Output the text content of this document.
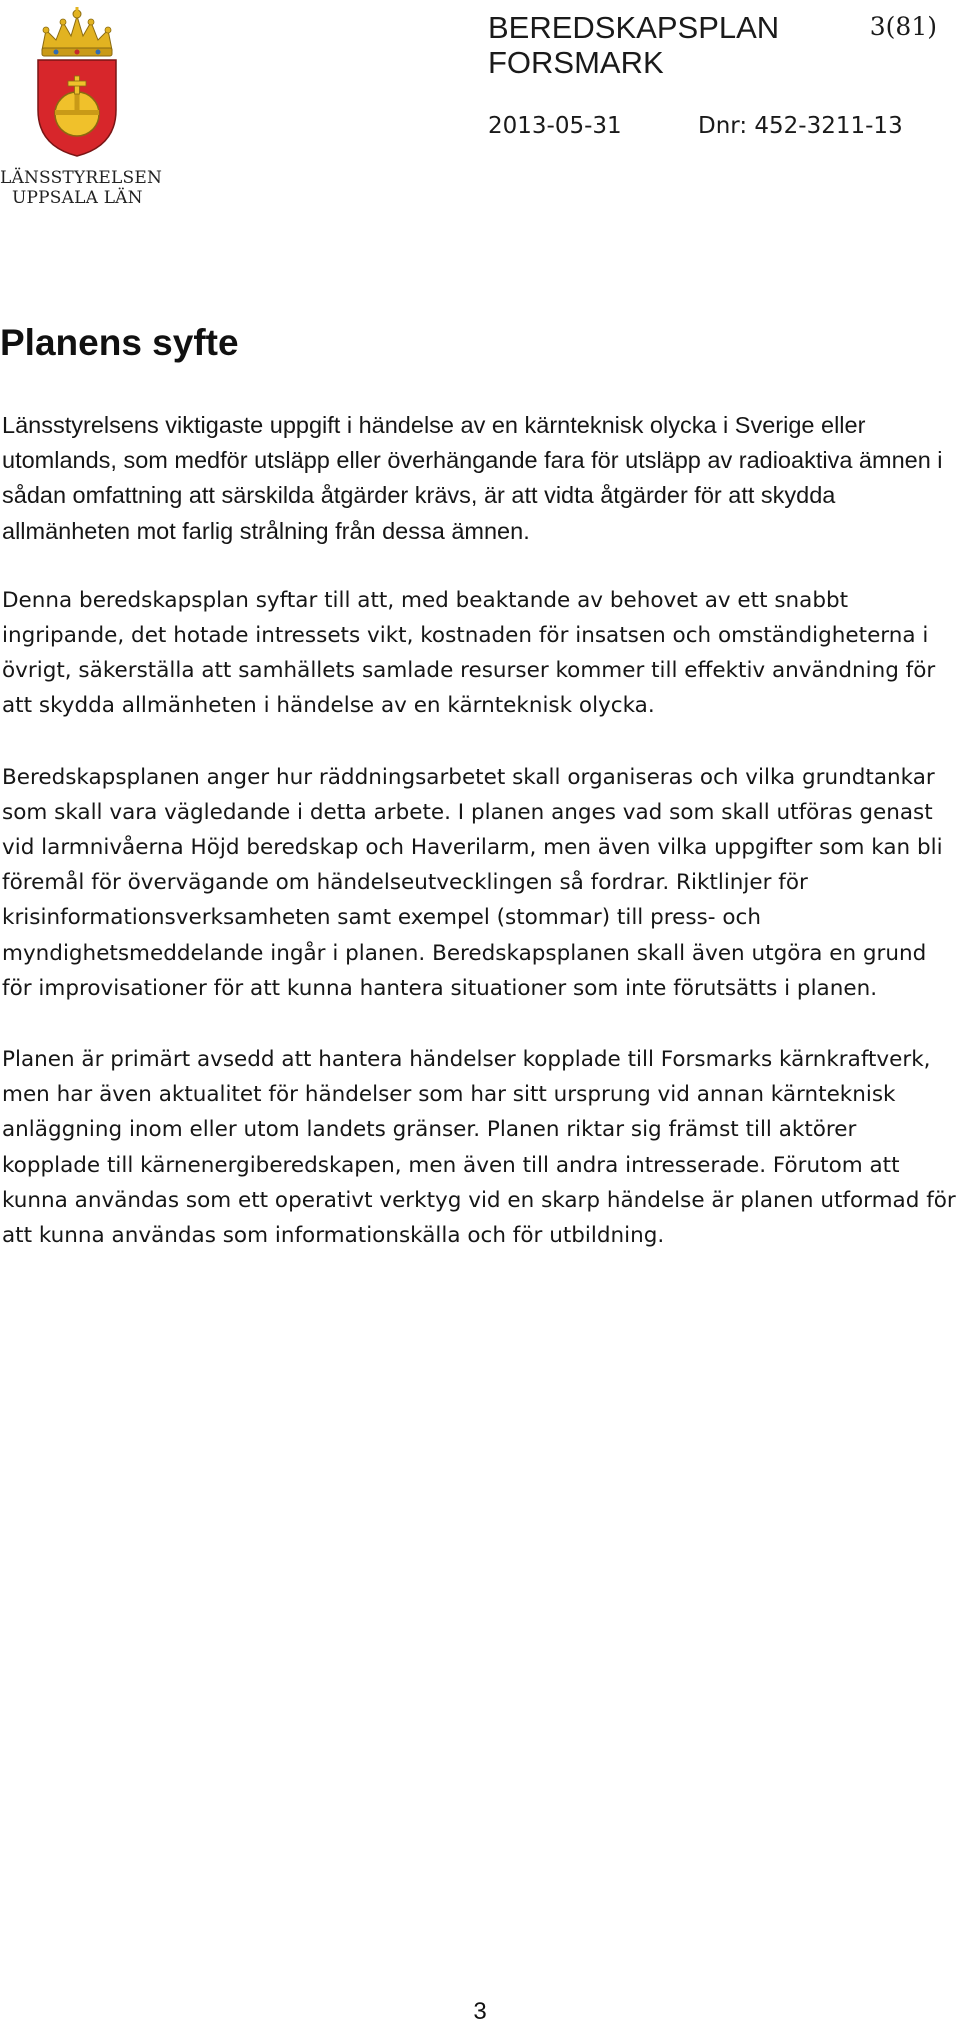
LÄNSSTYRELSEN
UPPSALA LÄN
BEREDSKAPSPLAN
FORSMARK
3(81)
2013-05-31	Dnr: 452-3211-13
Planens syfte

Länsstyrelsens viktigaste uppgift i händelse av en kärnteknisk olycka i Sverige eller utomlands, som medför utsläpp eller överhängande fara för utsläpp av radioaktiva ämnen i sådan omfattning att särskilda åtgärder krävs, är att vidta åtgärder för att skydda allmänheten mot farlig strålning från dessa ämnen.

Denna beredskapsplan syftar till att, med beaktande av behovet av ett snabbt ingripande, det hotade intressets vikt, kostnaden för insatsen och omständigheterna i övrigt, säkerställa att samhällets samlade resurser kommer till effektiv användning för att skydda allmänheten i händelse av en kärnteknisk olycka.

Beredskapsplanen anger hur räddningsarbetet skall organiseras och vilka grundtankar som skall vara vägledande i detta arbete. I planen anges vad som skall utföras genast vid larmnivåerna Höjd beredskap och Haverilarm, men även vilka uppgifter som kan bli föremål för övervägande om händelseutvecklingen så fordrar. Riktlinjer för krisinformationsverksamheten samt exempel (stommar) till press- och myndighetsmeddelande ingår i planen. Beredskapsplanen skall även utgöra en grund för improvisationer för att kunna hantera situationer som inte förutsätts i planen.

Planen är primärt avsedd att hantera händelser kopplade till Forsmarks kärnkraftverk, men har även aktualitet för händelser som har sitt ursprung vid annan kärnteknisk anläggning inom eller utom landets gränser. Planen riktar sig främst till aktörer kopplade till kärnenergiberedskapen, men även till andra intresserade. Förutom att kunna användas som ett operativt verktyg vid en skarp händelse är planen utformad för att kunna användas som informationskälla och för utbildning.

3
